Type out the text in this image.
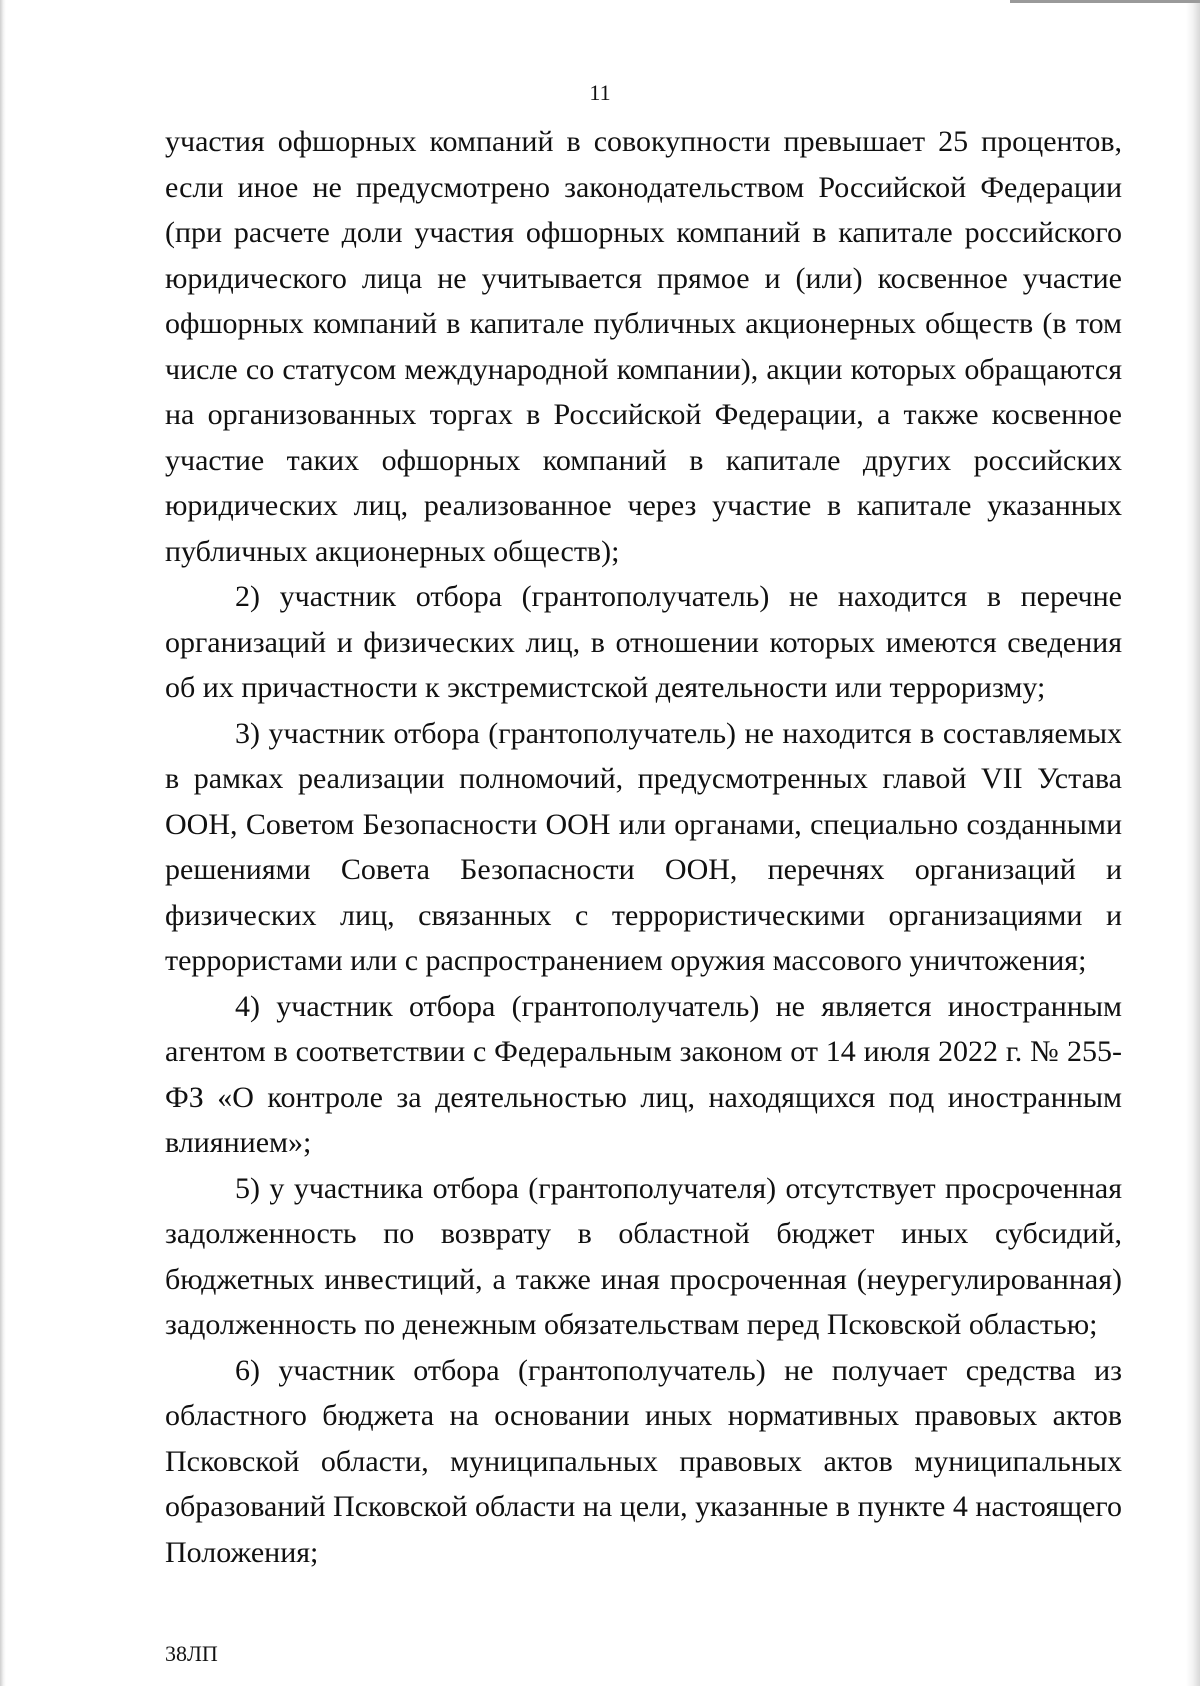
11

участия офшорных компаний в совокупности превышает 25 процентов, если иное не предусмотрено законодательством Российской Федерации (при расчете доли участия офшорных компаний в капитале российского юридического лица не учитывается прямое и (или) косвенное участие офшорных компаний в капитале публичных акционерных обществ (в том числе со статусом международной компании), акции которых обращаются на организованных торгах в Российской Федерации, а также косвенное участие таких офшорных компаний в капитале других российских юридических лиц, реализованное через участие в капитале указанных публичных акционерных обществ);

2) участник отбора (грантополучатель) не находится в перечне организаций и физических лиц, в отношении которых имеются сведения об их причастности к экстремистской деятельности или терроризму;

3) участник отбора (грантополучатель) не находится в составляемых в рамках реализации полномочий, предусмотренных главой VII Устава ООН, Советом Безопасности ООН или органами, специально созданными решениями Совета Безопасности ООН, перечнях организаций и физических лиц, связанных с террористическими организациями и террористами или с распространением оружия массового уничтожения;

4) участник отбора (грантополучатель) не является иностранным агентом в соответствии с Федеральным законом от 14 июля 2022 г. № 255-ФЗ «О контроле за деятельностью лиц, находящихся под иностранным влиянием»;

5) у участника отбора (грантополучателя) отсутствует просроченная задолженность по возврату в областной бюджет иных субсидий, бюджетных инвестиций, а также иная просроченная (неурегулированная) задолженность по денежным обязательствам перед Псковской областью;

6) участник отбора (грантополучатель) не получает средства из областного бюджета на основании иных нормативных правовых актов Псковской области, муниципальных правовых актов муниципальных образований Псковской области на цели, указанные в пункте 4 настоящего Положения;

38ЛП
